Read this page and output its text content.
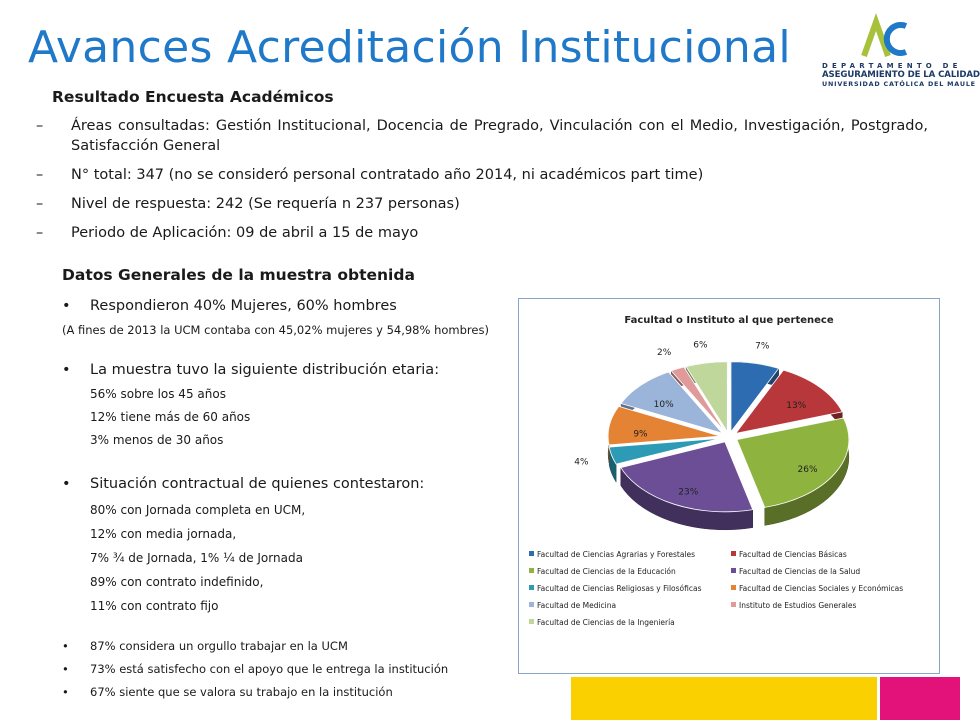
Avances Acreditación Institucional	DEPARTAMENTO DE
ASEGURAMIENTO DE LA CALIDAD
UNIVERSIDAD CATÓLICA DEL MAULE
Resultado Encuesta Académicos
– Áreas consultadas: Gestión Institucional, Docencia de Pregrado, Vinculación con el Medio, Investigación, Postgrado, Satisfacción General
– N° total: 347 (no se consideró personal contratado año 2014, ni académicos part time)
– Nivel de respuesta: 242 (Se requería n 237 personas)
– Periodo de Aplicación: 09 de abril a 15 de mayo
Datos Generales de la muestra obtenida
• Respondieron 40% Mujeres, 60% hombres
(A fines de 2013 la UCM contaba con 45,02% mujeres y 54,98% hombres)
• La muestra tuvo la siguiente distribución etaria:
56% sobre los 45 años
12% tiene más de 60 años
3% menos de 30 años
• Situación contractual de quienes contestaron:
80% con Jornada completa en UCM,
12% con media jornada,
7% ¾ de Jornada, 1% ¼ de Jornada
89% con contrato indefinido,
11% con contrato fijo
• 87% considera un orgullo trabajar en la UCM
• 73% está satisfecho con el apoyo que le entrega la institución
• 67% siente que se valora su trabajo en la institución
Facultad o Instituto al que pertenece
7%
13%
26%
23%
4%
9%
10%
2%
6%
Facultad de Ciencias Agrarias y Forestales	Facultad de Ciencias Básicas
Facultad de Ciencias de la Educación	Facultad de Ciencias de la Salud
Facultad de Ciencias Religiosas y Filosóficas	Facultad de Ciencias Sociales y Económicas
Facultad de Medicina	Instituto de Estudios Generales
Facultad de Ciencias de la Ingeniería
